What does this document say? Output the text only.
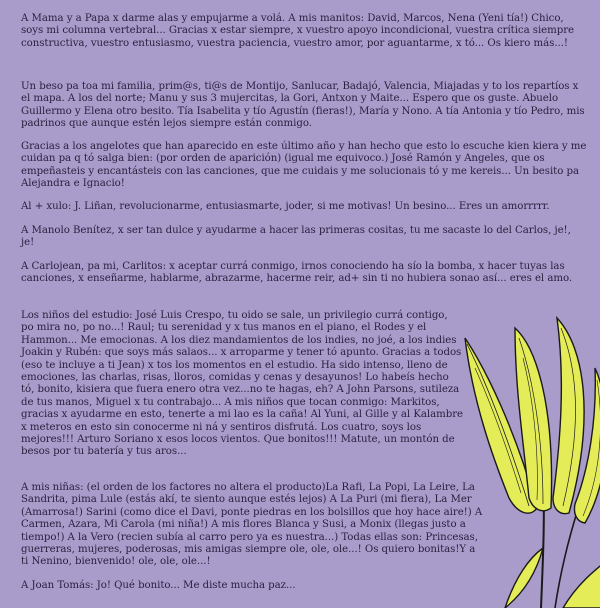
A Mama y a Papa x darme alas y empujarme a volá. A mis manitos: David, Marcos, Nena (Yeni tía!) Chico, soys mi columna vertebral... Gracias x estar siempre, x vuestro apoyo incondicional, vuestra crítica siempre constructiva, vuestro entusiasmo, vuestra paciencia, vuestro amor, por aguantarme, x tó... Os kiero más...!

Un beso pa toa mi familia, prim@s, ti@s de Montijo, Sanlucar, Badajó, Valencia, Miajadas y to los repartíos x el mapa. A los del norte; Manu y sus 3 mujercitas, la Gori, Antxon y Maite... Espero que os guste. Abuelo Guillermo y Elena otro besito. Tía Isabelita y tío Agustín (fieras!), María y Nono. A tía Antonia y tío Pedro, mis padrinos que aunque estén lejos siempre están conmigo.

Gracias a los angelotes que han aparecido en este último año y han hecho que esto lo escuche kien kiera y me cuidan pa q tó salga bien: (por orden de aparición) (igual me equivoco.) José Ramón y Angeles, que os empeñasteis y encantásteis con las canciones, que me cuidais y me solucionais tó y me kereis... Un besito pa Alejandra e Ignacio!

Al + xulo: J. Liñan, revolucionarme, entusiasmarte, joder, si me motivas! Un besino... Eres un amorrrrr.

A Manolo Benítez, x ser tan dulce y ayudarme a hacer las primeras cositas, tu me sacaste lo del Carlos, je!, je!

A Carlojean, pa mi, Carlitos: x aceptar currá conmigo, irnos conociendo ha sío la bomba, x hacer tuyas las canciones, x enseñarme, hablarme, abrazarme, hacerme reir, ad+ sin ti no hubiera sonao así... eres el amo.

Los niños del estudio: José Luis Crespo, tu oido se sale, un privilegio currá contigo, po mira no, po no...! Raul; tu serenidad y x tus manos en el piano, el Rodes y el Hammon... Me emocionas. A los diez mandamientos de los indies, no joé, a los indies Joakin y Rubén: que soys más salaos... x arroparme y tener tó apunto. Gracias a todos (eso te incluye a ti Jean) x tos los momentos en el estudio. Ha sido intenso, lleno de emociones, las charlas, risas, lloros, comidas y cenas y desayunos! Lo habeís hecho tó, bonito, kisiera que fuera enero otra vez...no te hagas, eh? A John Parsons, sutileza de tus manos, Miguel x tu contrabajo... A mis niños que tocan conmigo: Markitos, gracias x ayudarme en esto, tenerte a mi lao es la caña! Al Yuni, al Gille y al Kalambre x meteros en esto sin conocerme ni ná y sentiros disfrutá. Los cuatro, soys los mejores!!! Arturo Soriano x esos locos vientos. Que bonitos!!! Matute, un montón de besos por tu batería y tus aros...

A mis niñas: (el orden de los factores no altera el producto)La Rafi, La Popi, La Leire, La Sandrita, pima Lule (estás akí, te siento aunque estés lejos) A La Puri (mi fiera), La Mer (Amarrosa!) Sarini (como dice el Davi, ponte piedras en los bolsillos que hoy hace aire!) A Carmen, Azara, Mi Carola (mi niña!) A mis flores Blanca y Susi, a Monix (llegas justo a tiempo!) A la Vero (recien subía al carro pero ya es nuestra...) Todas ellas son: Princesas, guerreras, mujeres, poderosas, mis amigas siempre ole, ole, ole...! Os quiero bonitas!Y a ti Nenino, bienvenido! ole, ole, ole...!

A Joan Tomás: Jo! Qué bonito... Me diste mucha paz...
